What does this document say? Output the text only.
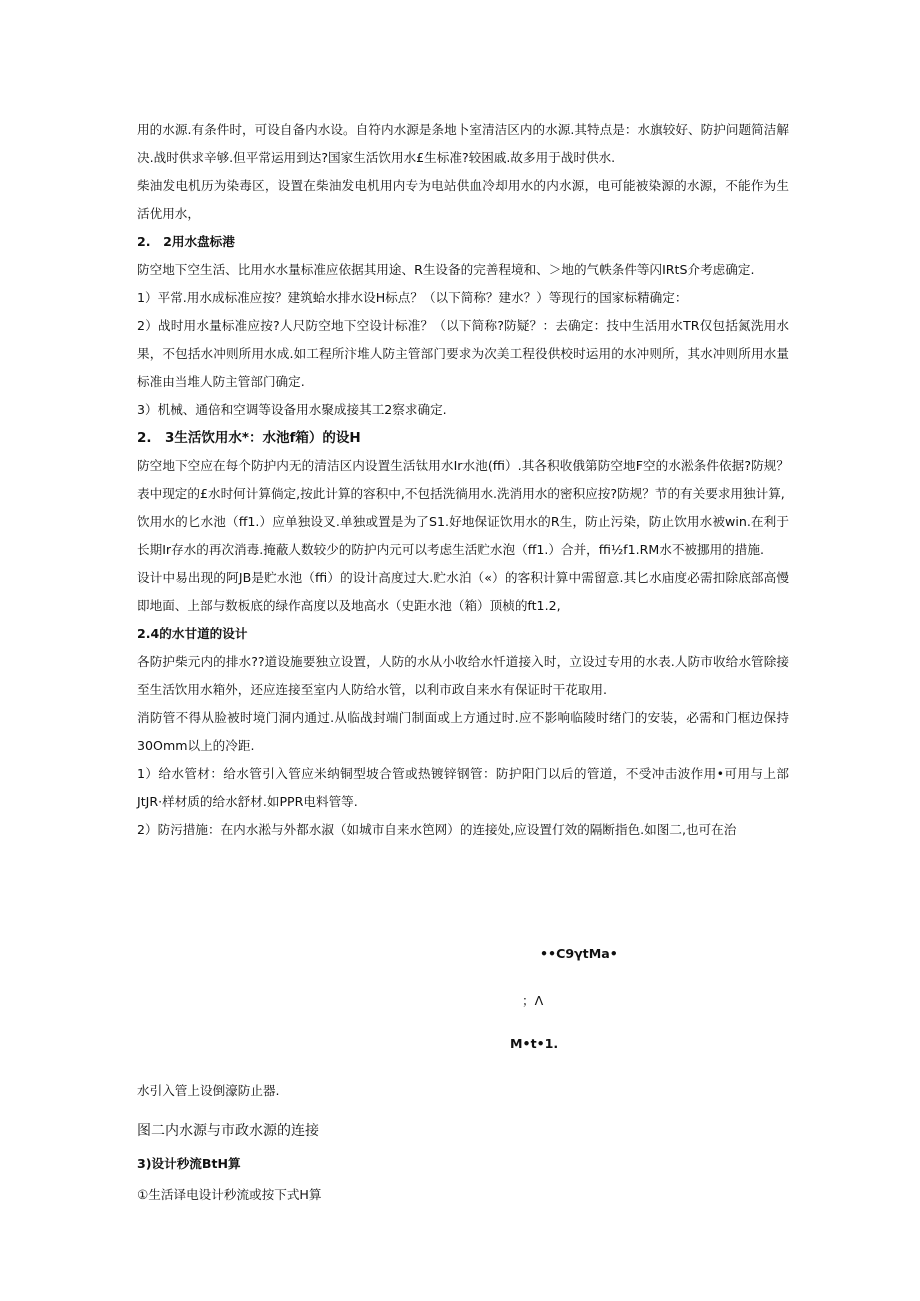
用的水源.有条件时，可设自备内水设。自符内水源是条地卜室清洁区内的水源.其特点是：水旗较好、防护问题简洁解决.战时供求辛够.但平常运用到达?国家生活饮用水£生标准?较困戚.故多用于战时供水.

柴油发电机历为染毒区，设置在柴油发电机用内专为电站供血冷却用水的内水源，电可能被染源的水源，不能作为生活优用水，

2.　2用水盘标港

防空地下空生活、比用水水量标准应依据其用途、R生设备的完善程境和、＞地的气帙条件等闪IRtS介考虑确定.

1）平常.用水成标准应按？建筑蛤水排水设H标点？（以下简称？建水？）等现行的国家标精确定：

2）战时用水量标准应按?人尺防空地下空设计标准？（以下简称?防疑？：去确定：技中生活用水TR仅包括氮洗用水果，不包括水冲则所用水成.如工程所汴堆人防主管部门要求为次美工程役供校时运用的水冲则所，其水冲则所用水量标准由当堆人防主管部门确定.

3）机械、通倍和空调等设备用水聚成接其工2察求确定.

2.　3生活饮用水*：水池f箱）的设H

防空地下空应在每个防护内无的清洁区内设置生活钛用水Ir水池(ffi）.其各积收俄第防空地F空的水淞条件依据?防规？表中现定的£水时何计算倘定,按此计算的容积中,不包括洗徜用水.洗消用水的密积应按?防规？节的有关要求用独计算,

饮用水的匕水池（ff1.）应单独设叉.单独或置是为了S1.好地保证饮用水的R生，防止污染，防止饮用水被win.在利于长期Ir存水的再次消毒.掩蔽人数较少的防护内元可以考虑生活贮水泡（ff1.）合并，ffi½f1.RM水不被挪用的措施.

设计中易出现的阿JB是贮水池（ffi）的设计高度过大.贮水泊（«）的客积计算中需留意.其匕水庙度必需扣除底部高慢即地面、上部与数板底的绿作高度以及地高水（史距水池（箱）顶桢的ft1.2,

2.4的水甘道的设计

各防护柴元内的排水??道设施要独立设置，人防的水从小收给水忏道接入时，立设过专用的水表.人防市收给水管除接至生活饮用水箱外，还应连接至室内人防给水管，以利市政自来水有保证时干花取用.

消防管不得从脸被时境门洞内通过.从临战封端门制面或上方通过时.应不影响临陵时绪门的安装，必需和门框边保持30Omm以上的冷距.

1）给水管材：给水管引入管应米纳铜型坡合管或热镀锌钢管：防护阳门以后的管道，不受冲击波作用•可用与上部JtJR·样材质的给水舒材.如PPR电料管等.

2）防污措施：在内水淞与外都水淑（如城市自来水笆网）的连接处,应设置仃效的隔断指色.如图二,也可在治

••C9γtMa•
；Λ
M•t•1.
水引入管上设倒濠防止器.
图二内水源与市政水源的连接
3)设计秒流BtH算
①生活译电设计秒流或按下式H算
